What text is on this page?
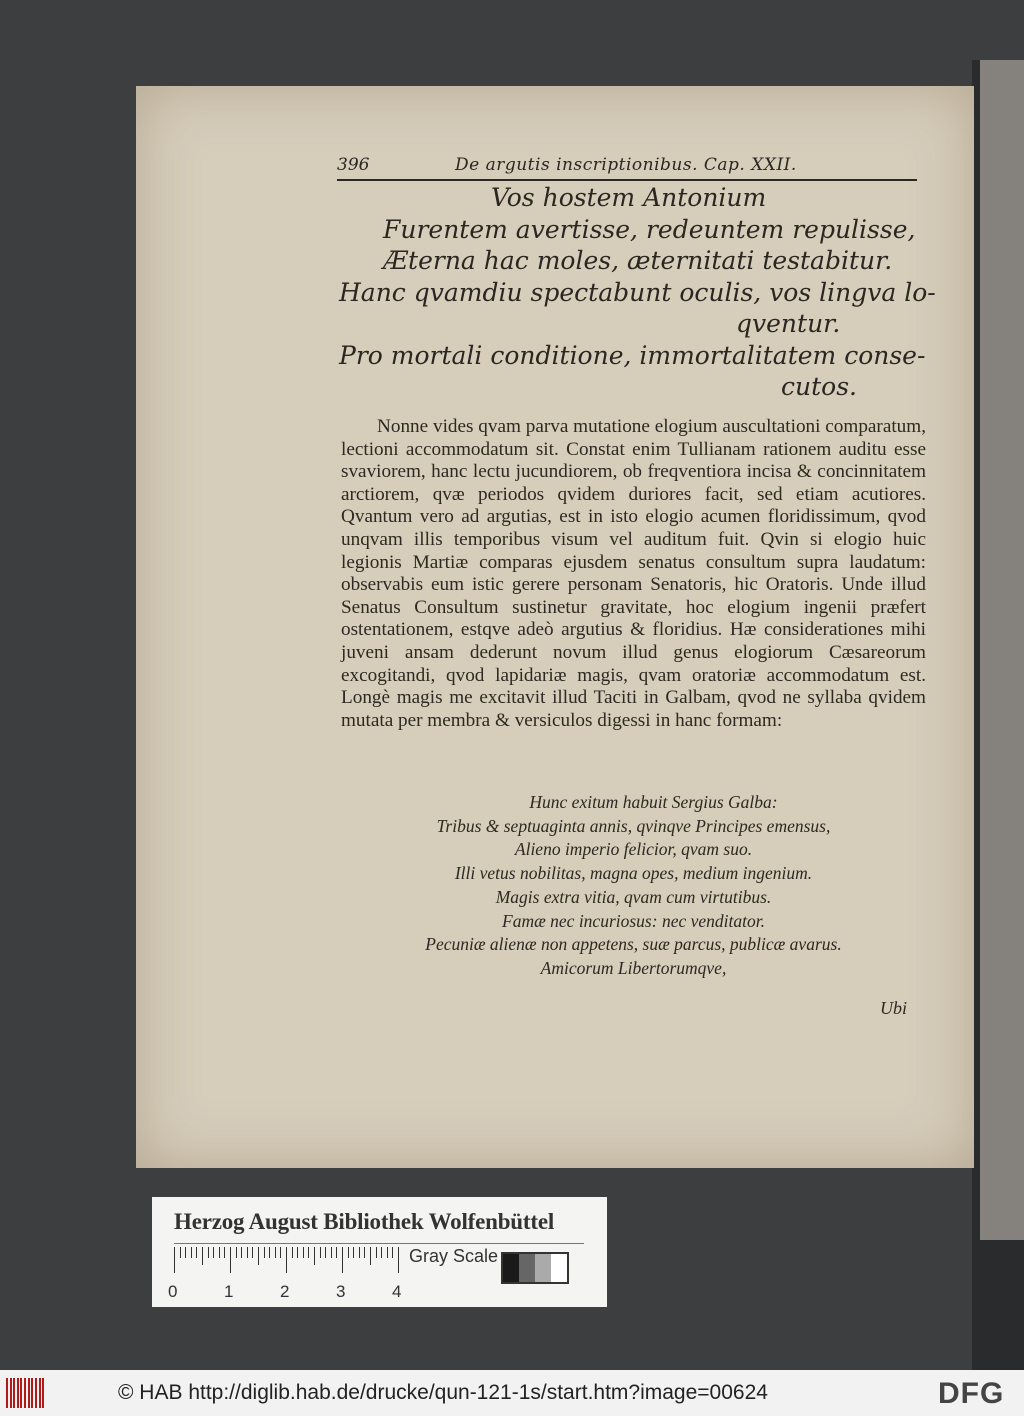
396	De argutis inscriptionibus. Cap. XXII.
Vos hostem Antonium
Furentem avertisse, redeuntem repulisse,
Æterna hac moles, æternitati testabitur.
Hanc qvamdiu spectabunt oculis, vos lingva lo-
qventur.
Pro mortali conditione, immortalitatem conse-
cutos.
Nonne vides qvam parva mutatione elogium auscultationi comparatum, lectioni accommodatum sit. Constat enim Tullianam rationem auditu esse svaviorem, hanc lectu jucundiorem, ob freqventiora incisa & concinnitatem arctiorem, qvæ periodos qvidem duriores facit, sed etiam acutiores. Qvantum vero ad argutias, est in isto elogio acumen floridissimum, qvod unqvam illis temporibus visum vel auditum fuit. Qvin si elogio huic legionis Martiæ comparas ejusdem senatus consultum supra laudatum: observabis eum istic gerere personam Senatoris, hic Oratoris. Unde illud Senatus Consultum sustinetur gravitate, hoc elogium ingenii præfert ostentationem, estqve adeò argutius & floridius. Hæ considerationes mihi juveni ansam dederunt novum illud genus elogiorum Cæsareorum excogitandi, qvod lapidariæ magis, qvam oratoriæ accommodatum est. Longè magis me excitavit illud Taciti in Galbam, qvod ne syllaba qvidem mutata per membra & versiculos digessi in hanc formam:
Hunc exitum habuit Sergius Galba:
Tribus & septuaginta annis, qvinqve Principes emensus,
Alieno imperio felicior, qvam suo.
Illi vetus nobilitas, magna opes, medium ingenium.
Magis extra vitia, qvam cum virtutibus.
Famæ nec incuriosus: nec venditator.
Pecuniæ alienæ non appetens, suæ parcus, publicæ avarus.
Amicorum Libertorumqve,
Ubi
Herzog August Bibliothek Wolfenbüttel
Gray Scale
0	1	2	3	4
© HAB http://diglib.hab.de/drucke/qun-121-1s/start.htm?image=00624	DFG
